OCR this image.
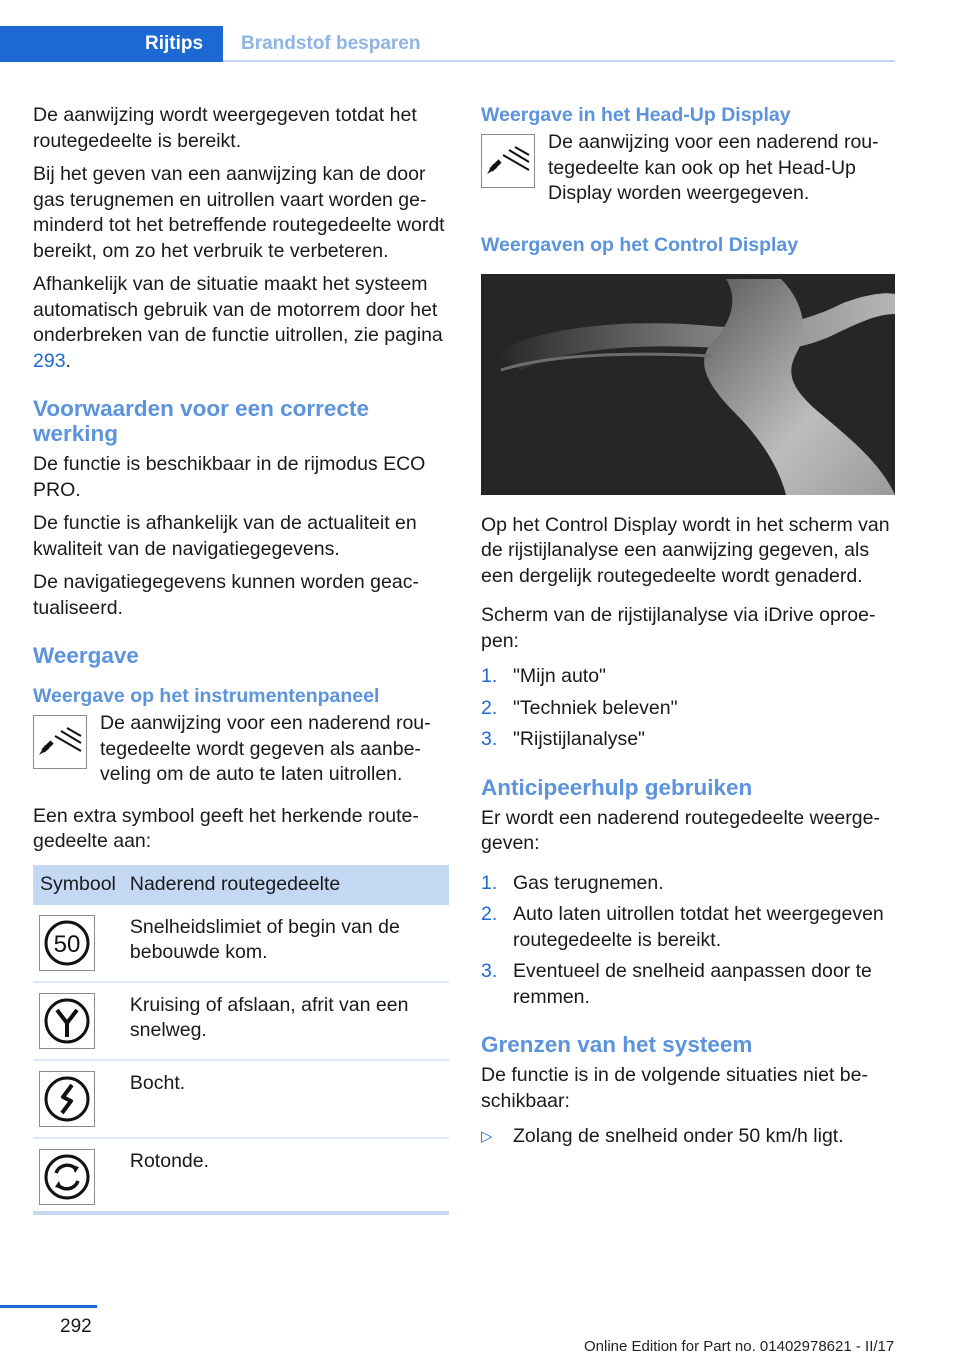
Rijtips Brandstof besparen

De aanwijzing wordt weergegeven totdat het routegedeelte is bereikt.

Bij het geven van een aanwijzing kan de door gas terugnemen en uitrollen vaart worden geminderd tot het betreffende routegedeelte wordt bereikt, om zo het verbruik te verbeteren.

Afhankelijk van de situatie maakt het systeem automatisch gebruik van de motorrem door het onderbreken van de functie uitrollen, zie pagina 293.

Voorwaarden voor een correcte werking

De functie is beschikbaar in de rijmodus ECO PRO.

De functie is afhankelijk van de actualiteit en kwaliteit van de navigatiegegevens.

De navigatiegegevens kunnen worden geactualiseerd.

Weergave
Weergave op het instrumentenpaneel
De aanwijzing voor een naderend routegedeelte wordt gegeven als aanbeveling om de auto te laten uitrollen.

Een extra symbool geeft het herkende routegedeelte aan:

Symbool	Naderend routegedeelte

50	Snelheidslimiet of begin van de bebouwde kom.

	Kruising of afslaan, afrit van een snelweg.

	Bocht.

	Rotonde.
Weergave in het Head-Up Display
De aanwijzing voor een naderend routegedeelte kan ook op het Head-Up Display worden weergegeven.
Weergaven op het Control Display

Op het Control Display wordt in het scherm van de rijstijlanalyse een aanwijzing gegeven, als een dergelijk routegedeelte wordt genaderd.

Scherm van de rijstijlanalyse via iDrive oproepen:

1. "Mijn auto"
2. "Techniek beleven"
3. "Rijstijlanalyse"
Anticipeerhulp gebruiken

Er wordt een naderend routegedeelte weergegeven:

1. Gas terugnemen.
2. Auto laten uitrollen totdat het weergegeven routegedeelte is bereikt.
3. Eventueel de snelheid aanpassen door te remmen.
Grenzen van het systeem

De functie is in de volgende situaties niet beschikbaar:

▷	Zolang de snelheid onder 50 km/h ligt.
292
Online Edition for Part no. 01402978621 - II/17
